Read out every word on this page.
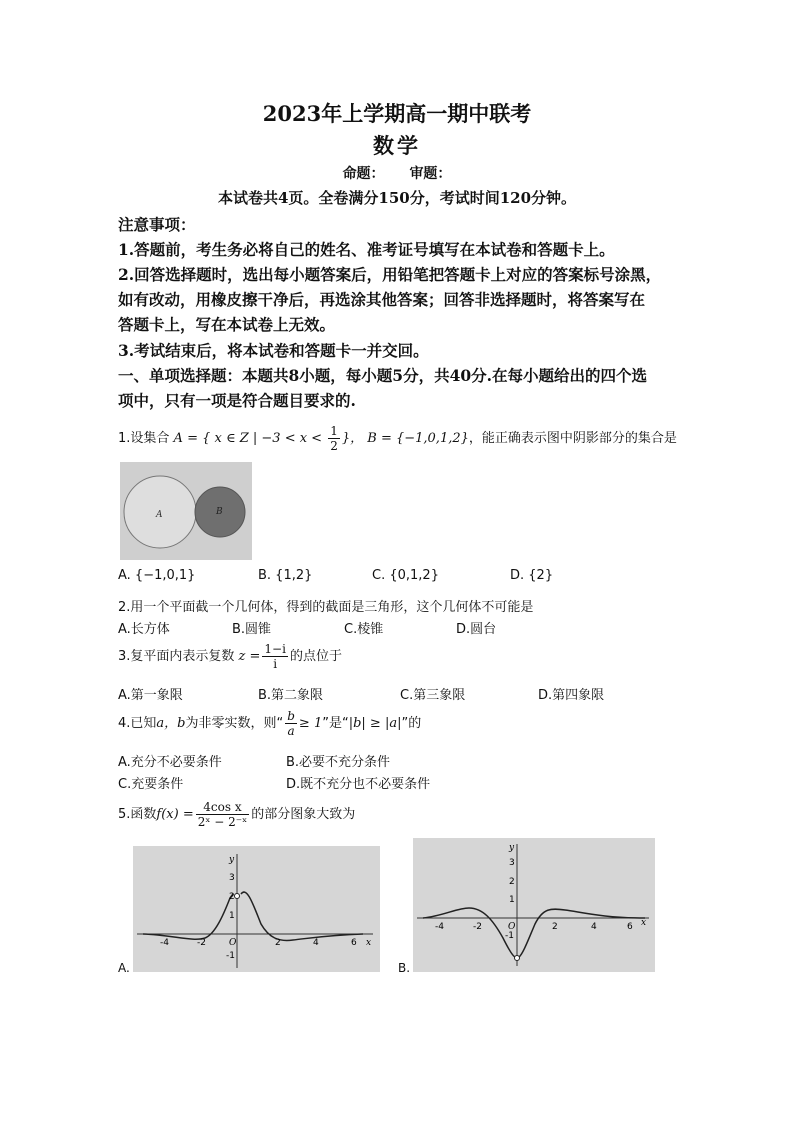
2023年上学期高一期中联考
数学
命题： 审题：
本试卷共4页。全卷满分150分，考试时间120分钟。
注意事项：
1.答题前，考生务必将自己的姓名、准考证号填写在本试卷和答题卡上。
2.回答选择题时，选出每小题答案后，用铅笔把答题卡上对应的答案标号涂黑，
如有改动，用橡皮擦干净后，再选涂其他答案；回答非选择题时，将答案写在
答题卡上，写在本试卷上无效。
3.考试结束后，将本试卷和答题卡一并交回。
一、单项选择题：本题共8小题，每小题5分，共40分.在每小题给出的四个选
项中，只有一项是符合题目要求的.
1.设集合 A = { x ∈ Z | $-3 < x < \frac{1}{2}$ }， B = {−1,0,1,2}，能正确表示图中阴影部分的集合是
A	B
A. {−1,0,1}	B. {1,2}	C. {0,1,2}	D. {2}
2.用一个平面截一个几何体，得到的截面是三角形，这个几何体不可能是
A.长方体	B.圆锥	C.棱锥	D.圆台
3.复平面内表示复数 $z = \frac{1-i}{i}$ 的点位于
A.第一象限	B.第二象限	C.第三象限	D.第四象限
4.已知a，b为非零实数，则“ $\frac{b}{a} \ge 1$”是“|b| ≥ |a|”的
A.充分不必要条件	B.必要不充分条件
C.充要条件	D.既不充分也不必要条件
5.函数$f(x) = \frac{\text{4cos x}}{\text{2ˣ − 2⁻ˣ}}$ 的部分图象大致为
A.
-4	-2	O	2	4	6 x
y
3
2
1
-1
B.
-4	-2	O	2	4	6 x
y
3
2
1
-1
